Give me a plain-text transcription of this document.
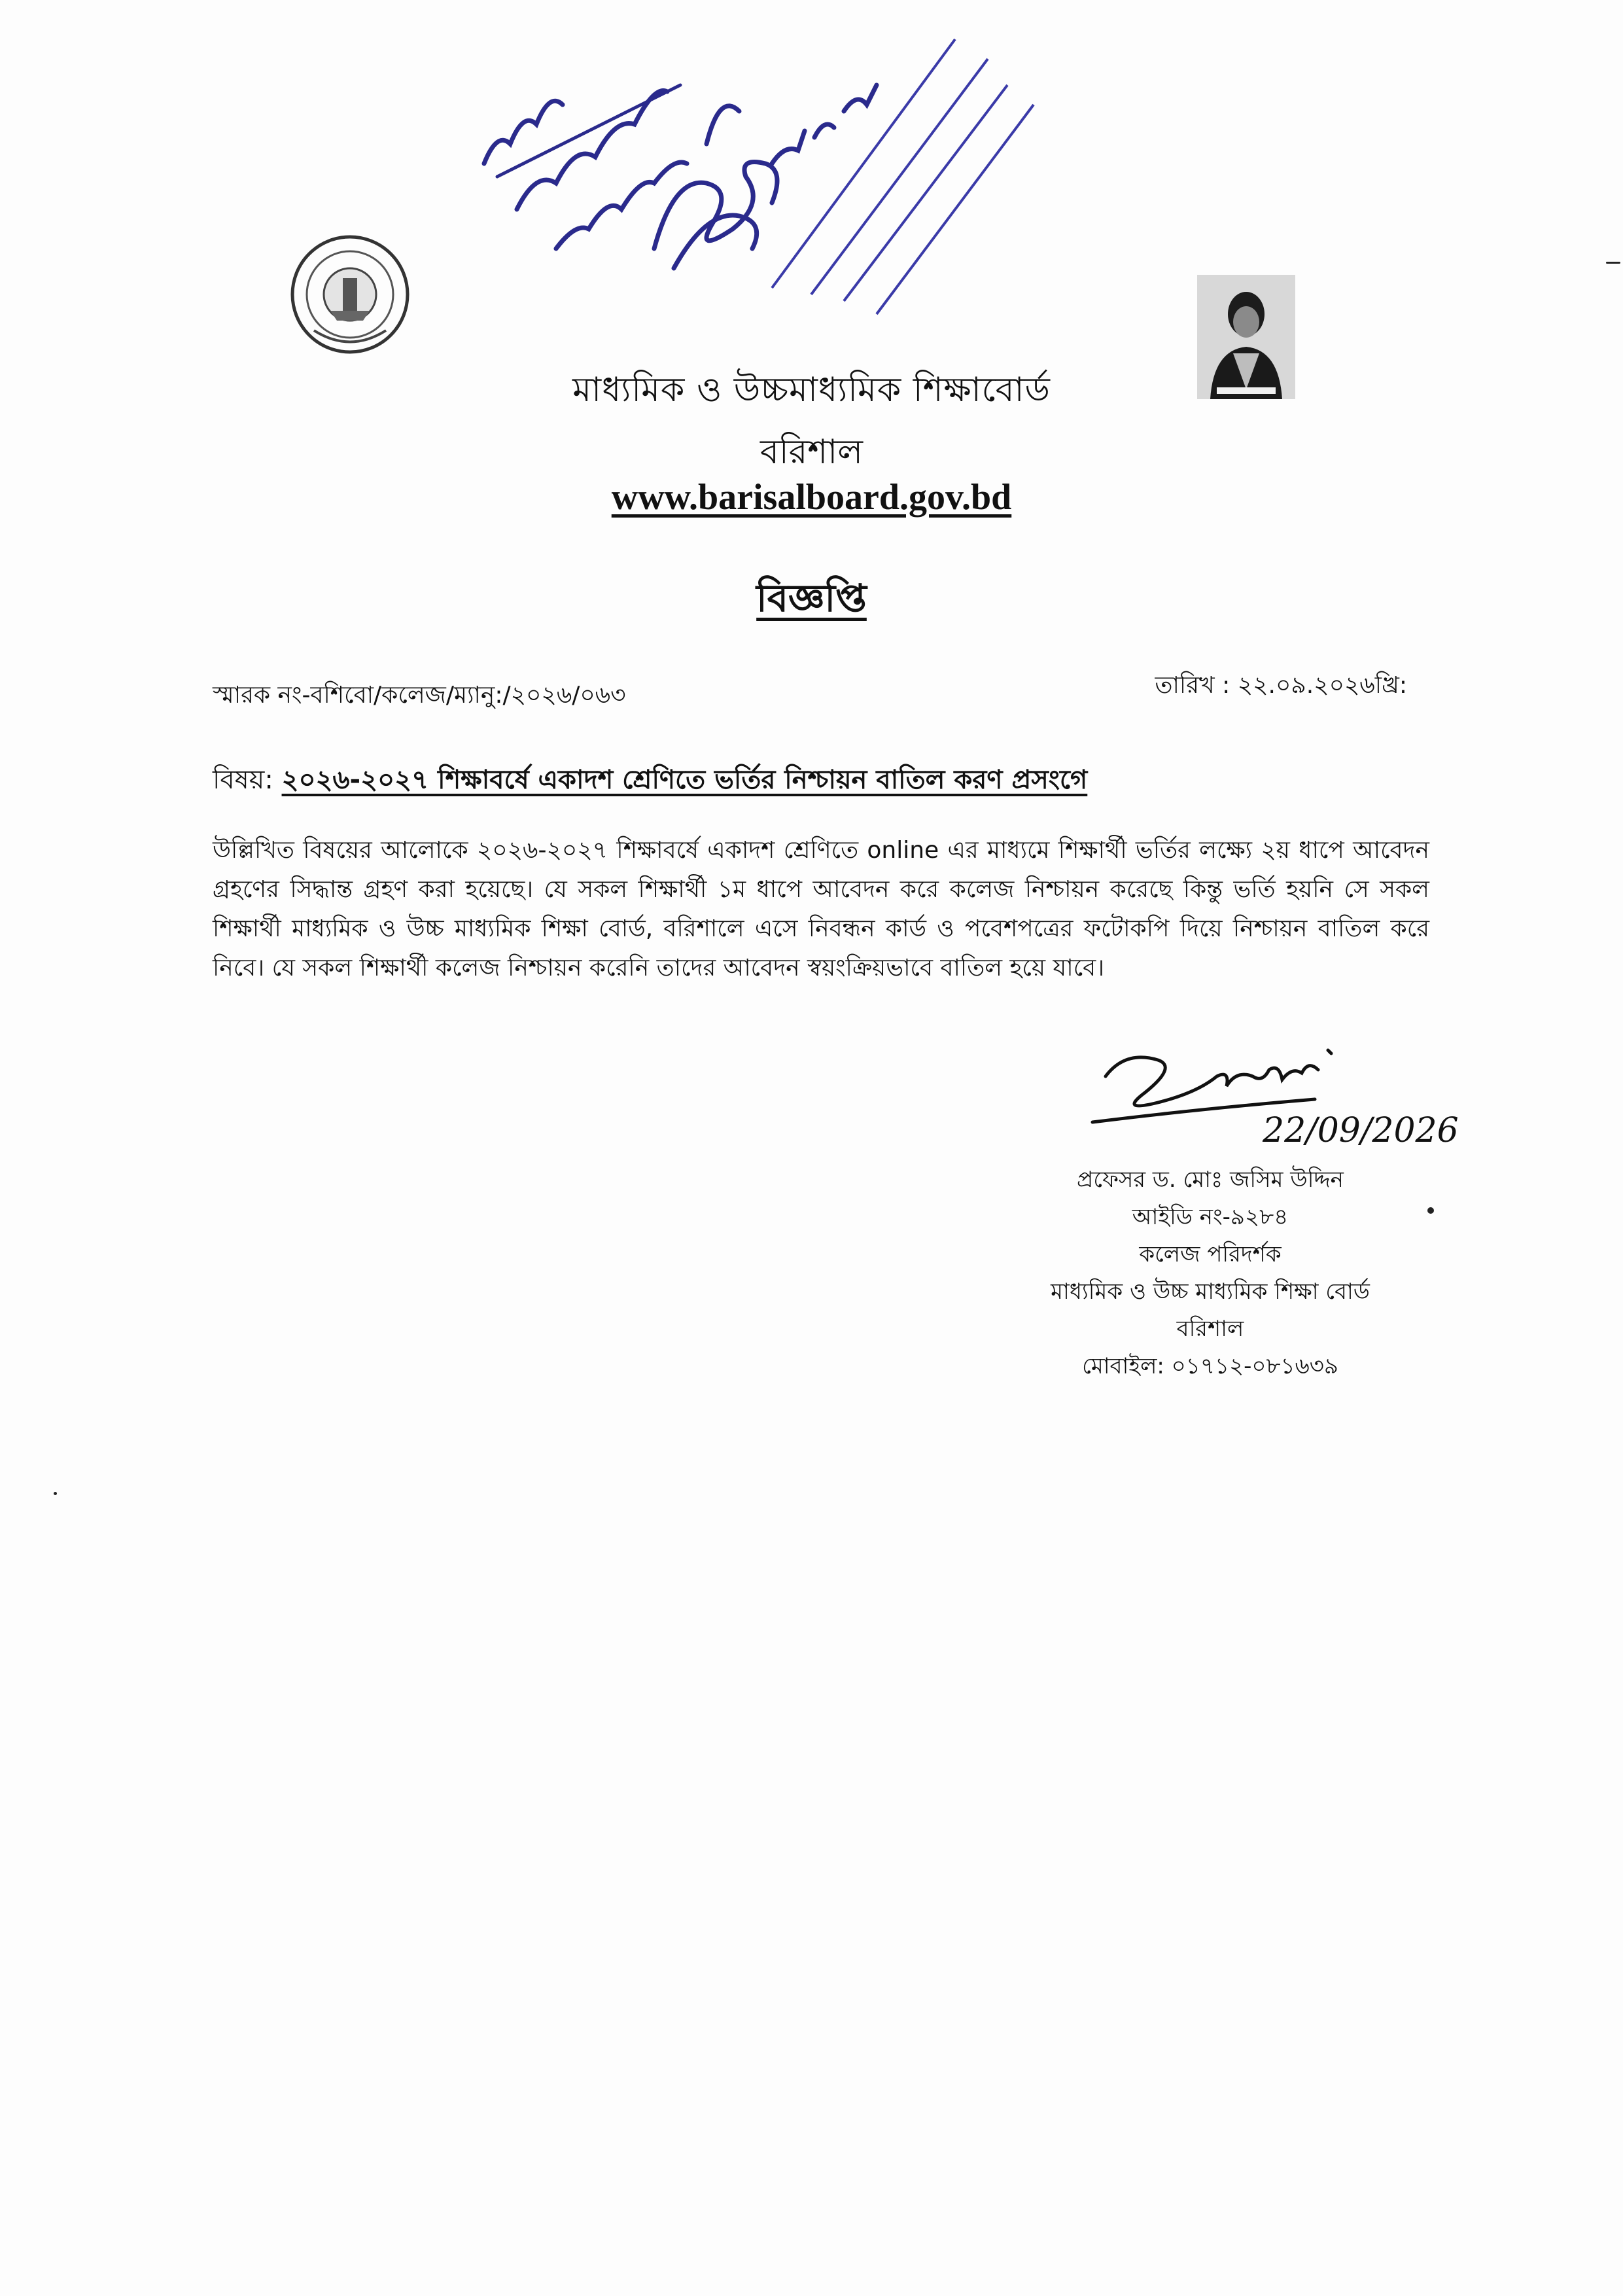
মাধ্যমিক ও উচ্চমাধ্যমিক শিক্ষাবোর্ড
বরিশাল
www.barisalboard.gov.bd
বিজ্ঞপ্তি
স্মারক নং-বশিবো/কলেজ/ম্যানু:/২০২৬/০৬৩	তারিখ : ২২.০৯.২০২৬খ্রি:
বিষয়: ২০২৬-২০২৭ শিক্ষাবর্ষে একাদশ শ্রেণিতে ভর্তির নিশ্চায়ন বাতিল করণ প্রসংগে
উল্লিখিত বিষয়ের আলোকে ২০২৬-২০২৭ শিক্ষাবর্ষে একাদশ শ্রেণিতে online এর মাধ্যমে শিক্ষার্থী ভর্তির লক্ষ্যে ২য় ধাপে আবেদন গ্রহণের সিদ্ধান্ত গ্রহণ করা হয়েছে। যে সকল শিক্ষার্থী ১ম ধাপে আবেদন করে কলেজ নিশ্চায়ন করেছে কিন্তু ভর্তি হয়নি সে সকল শিক্ষার্থী মাধ্যমিক ও উচ্চ মাধ্যমিক শিক্ষা বোর্ড, বরিশালে এসে নিবন্ধন কার্ড ও পবেশপত্রের ফটোকপি দিয়ে নিশ্চায়ন বাতিল করে নিবে। যে সকল শিক্ষার্থী কলেজ নিশ্চায়ন করেনি তাদের আবেদন স্বয়ংক্রিয়ভাবে বাতিল হয়ে যাবে।
22/09/2026
প্রফেসর ড. মোঃ জসিম উদ্দিন
আইডি নং-৯২৮৪
কলেজ পরিদর্শক
মাধ্যমিক ও উচ্চ মাধ্যমিক শিক্ষা বোর্ড
বরিশাল
মোবাইল: ০১৭১২-০৮১৬৩৯
